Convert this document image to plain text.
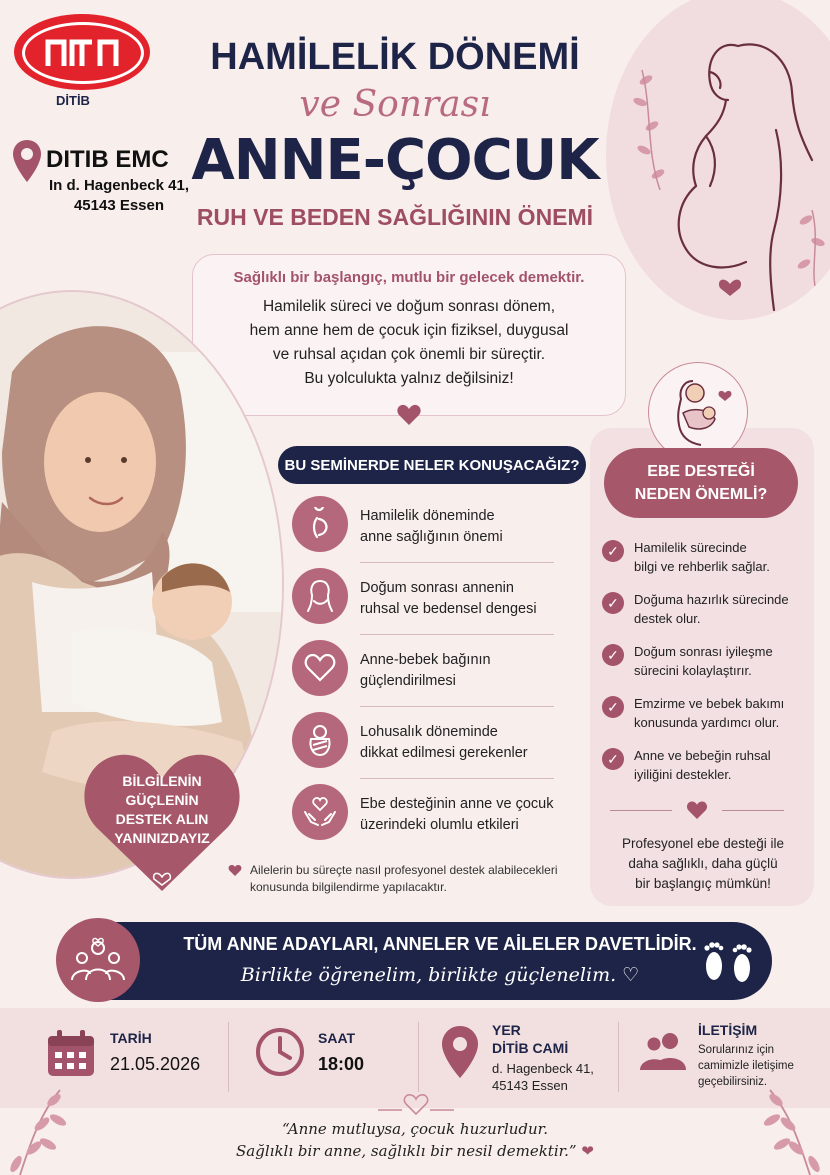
DİTİB
DITIB EMC
In d. Hagenbeck 41,
45143 Essen
HAMİLELİK DÖNEMİ
ve Sonrası
ANNE-ÇOCUK
RUH VE BEDEN SAĞLIĞININ ÖNEMİ
Sağlıklı bir başlangıç, mutlu bir gelecek demektir.
Hamilelik süreci ve doğum sonrası dönem,
hem anne hem de çocuk için fiziksel, duygusal
ve ruhsal açıdan çok önemli bir süreçtir.
Bu yolculukta yalnız değilsiniz!
BİLGİLENİN
GÜÇLENİN
DESTEK ALIN
YANINIZDAYIZ
BU SEMİNERDE NELER KONUŞACAĞIZ?
Hamilelik döneminde
anne sağlığının önemi
Doğum sonrası annenin
ruhsal ve bedensel dengesi
Anne-bebek bağının
güçlendirilmesi
Lohusalık döneminde
dikkat edilmesi gerekenler
Ebe desteğinin anne ve çocuk
üzerindeki olumlu etkileri
Ailelerin bu süreçte nasıl profesyonel destek alabilecekleri
konusunda bilgilendirme yapılacaktır.
EBE DESTEĞİ
NEDEN ÖNEMLİ?
✓	Hamilelik sürecinde
bilgi ve rehberlik sağlar.
✓	Doğuma hazırlık sürecinde
destek olur.
✓	Doğum sonrası iyileşme
sürecini kolaylaştırır.
✓	Emzirme ve bebek bakımı
konusunda yardımcı olur.
✓	Anne ve bebeğin ruhsal
iyiliğini destekler.
Profesyonel ebe desteği ile
daha sağlıklı, daha güçlü
bir başlangıç mümkün!
TÜM ANNE ADAYLARI, ANNELER VE AİLELER DAVETLİDİR.
Birlikte öğrenelim, birlikte güçlenelim. ♡
TARİH
21.05.2026
SAAT
18:00
YER
DİTİB CAMİ
d. Hagenbeck 41,
45143 Essen
İLETİŞİM
Sorularınız için
camimizle iletişime
geçebilirsiniz.
“Anne mutluysa, çocuk huzurludur.
Sağlıklı bir anne, sağlıklı bir nesil demektir.” ❤
